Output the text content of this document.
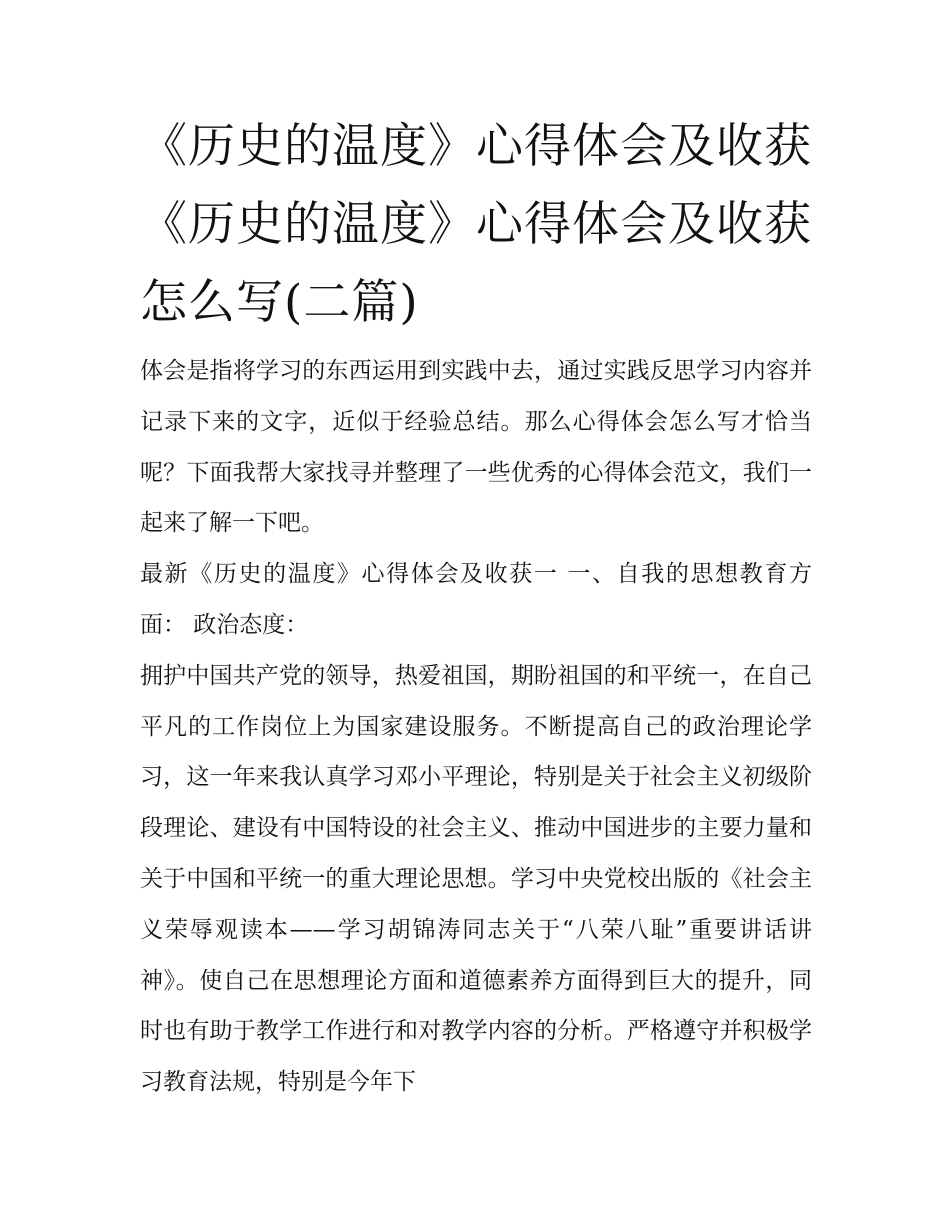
《历史的温度》心得体会及收获 《历史的温度》心得体会及收获怎么写(二篇)

体会是指将学习的东西运用到实践中去，通过实践反思学习内容并记录下来的文字，近似于经验总结。那么心得体会怎么写才恰当呢？下面我帮大家找寻并整理了一些优秀的心得体会范文，我们一起来了解一下吧。

最新《历史的温度》心得体会及收获一 一、自我的思想教育方面： 政治态度：

拥护中国共产党的领导，热爱祖国，期盼祖国的和平统一，在自己平凡的工作岗位上为国家建设服务。不断提高自己的政治理论学习，这一年来我认真学习邓小平理论，特别是关于社会主义初级阶段理论、建设有中国特设的社会主义、推动中国进步的主要力量和关于中国和平统一的重大理论思想。学习中央党校出版的《社会主义荣辱观读本——学习胡锦涛同志关于“八荣八耻”重要讲话讲神》。使自己在思想理论方面和道德素养方面得到巨大的提升，同时也有助于教学工作进行和对教学内容的分析。严格遵守并积极学习教育法规，特别是今年下
